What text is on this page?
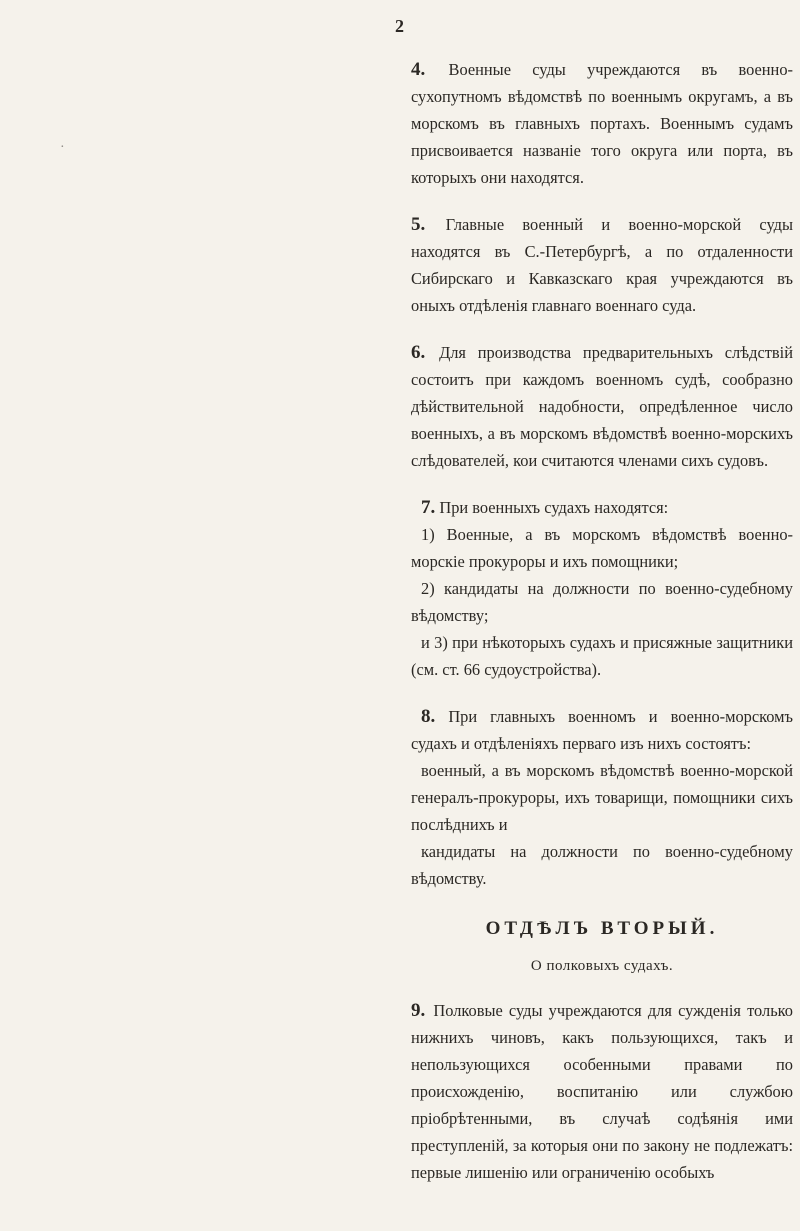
2

4. Военные суды учреждаются въ военно-сухопутномъ вѣдомствѣ по военнымъ округамъ, а въ морскомъ въ главныхъ портахъ. Военнымъ судамъ присвоивается названіе того округа или порта, въ которыхъ они находятся.

5. Главные военный и военно-морской суды находятся въ С.-Петербургѣ, а по отдаленности Сибирскаго и Кавказскаго края учреждаются въ оныхъ отдѣленія главнаго военнаго суда.

6. Для производства предварительныхъ слѣдствій состоитъ при каждомъ военномъ судѣ, сообразно дѣйствительной надобности, опредѣленное число военныхъ, а въ морскомъ вѣдомствѣ военно-морскихъ слѣдователей, кои считаются членами сихъ судовъ.

7. При военныхъ судахъ находятся:

1) Военные, а въ морскомъ вѣдомствѣ военно-морскіе прокуроры и ихъ помощники;

2) кандидаты на должности по военно-судебному вѣдомству;

и 3) при нѣкоторыхъ судахъ и присяжные защитники (см. ст. 66 судоустройства).

8. При главныхъ военномъ и военно-морскомъ судахъ и отдѣленіяхъ перваго изъ нихъ состоятъ:

военный, а въ морскомъ вѣдомствѣ военно-морской генералъ-прокуроры, ихъ товарищи, помощники сихъ послѣднихъ и

кандидаты на должности по военно-судебному вѣдомству.

ОТДѢЛЪ ВТОРЫЙ.
О полковыхъ судахъ.

9. Полковые суды учреждаются для сужденія только нижнихъ чиновъ, какъ пользующихся, такъ и непользующихся особенными правами по происхожденію, воспитанію или службою пріобрѣтенными, въ случаѣ содѣянія ими преступленій, за которыя они по закону не подлежатъ: первые лишенію или ограниченію особыхъ

·
